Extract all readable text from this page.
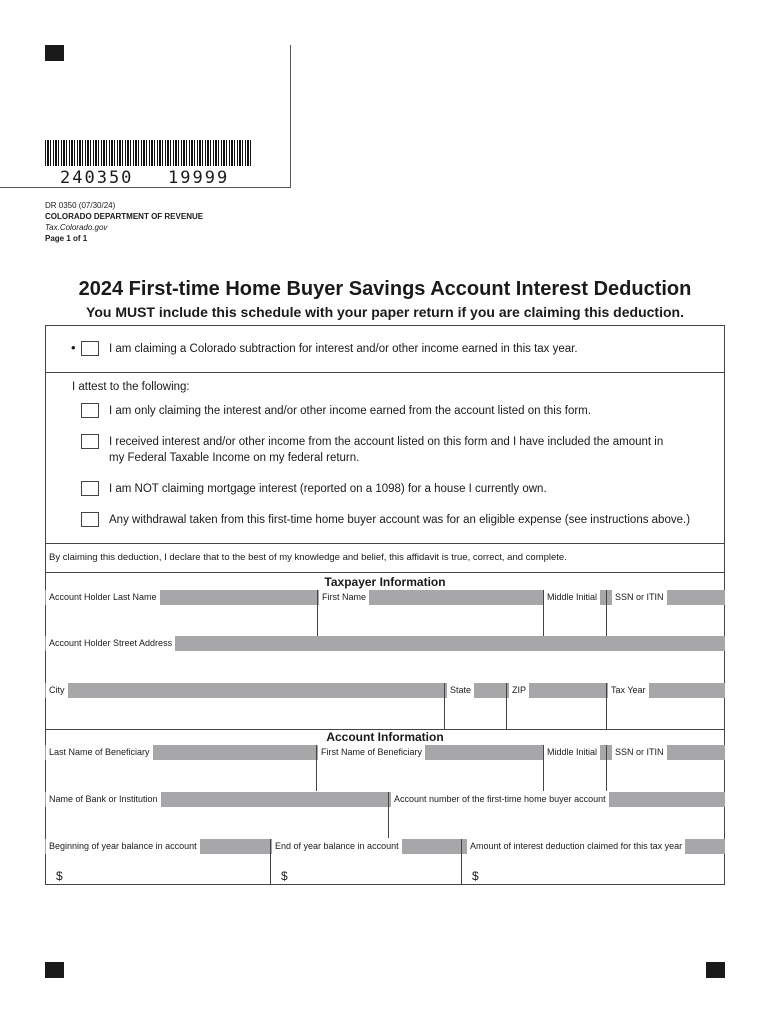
240350 19999
DR 0350 (07/30/24)
COLORADO DEPARTMENT OF REVENUE
Tax.Colorado.gov
Page 1 of 1
2024 First-time Home Buyer Savings Account Interest Deduction
You MUST include this schedule with your paper return if you are claiming this deduction.
•	I am claiming a Colorado subtraction for interest and/or other income earned in this tax year.
I attest to the following:
I am only claiming the interest and/or other income earned from the account listed on this form.
I received interest and/or other income from the account listed on this form and I have included the amount in
my Federal Taxable Income on my federal return.
I am NOT claiming mortgage interest (reported on a 1098) for a house I currently own.
Any withdrawal taken from this first-time home buyer account was for an eligible expense (see instructions above.)
By claiming this deduction, I declare that to the best of my knowledge and belief, this affidavit is true, correct, and complete.
Taxpayer Information
Account Holder Last Name	First Name	Middle Initial	SSN or ITIN
Account Holder Street Address
City	State	ZIP	Tax Year
Account Information
Last Name of Beneficiary	First Name of Beneficiary	Middle Initial	SSN or ITIN
Name of Bank or Institution	Account number of the first-time home buyer account
Beginning of year balance in account	End of year balance in account	Amount of interest deduction claimed for this tax year
$	$	$
